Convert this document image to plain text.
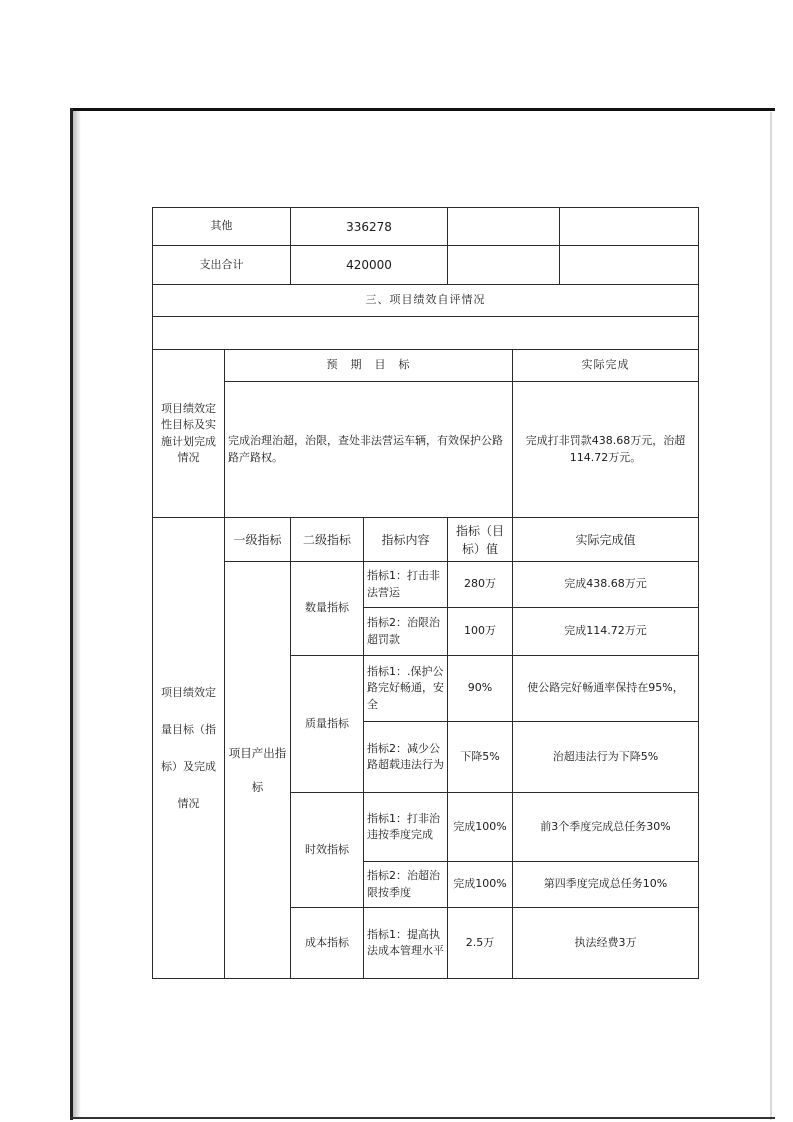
其他		336278				
支出合计		420000				
三、项目绩效自评情况						

项目绩效定性目标及实施计划完成情况	预　期　目　标				实际完成	
	完成治理治超，治限，查处非法营运车辆，有效保护公路路产路权。				完成打非罚款438.68万元，治超114.72万元。	
项目绩效定量目标（指标）及完成情况	一级指标	二级指标	指标内容	指标（目标）值	实际完成值	
	项目产出指标	数量指标	指标1：打击非法营运	280万	完成438.68万元	
			指标2：治限治超罚款	100万	完成114.72万元	
		质量指标	指标1：.保护公路完好畅通，安全	90%	使公路完好畅通率保持在95%，	
			指标2：减少公路超载违法行为	下降5%	治超违法行为下降5%	
		时效指标	指标1：打非治违按季度完成	完成100%	前3个季度完成总任务30%	
			指标2：治超治限按季度	完成100%	第四季度完成总任务10%	
		成本指标	指标1：提高执法成本管理水平	2.5万	执法经费3万	
